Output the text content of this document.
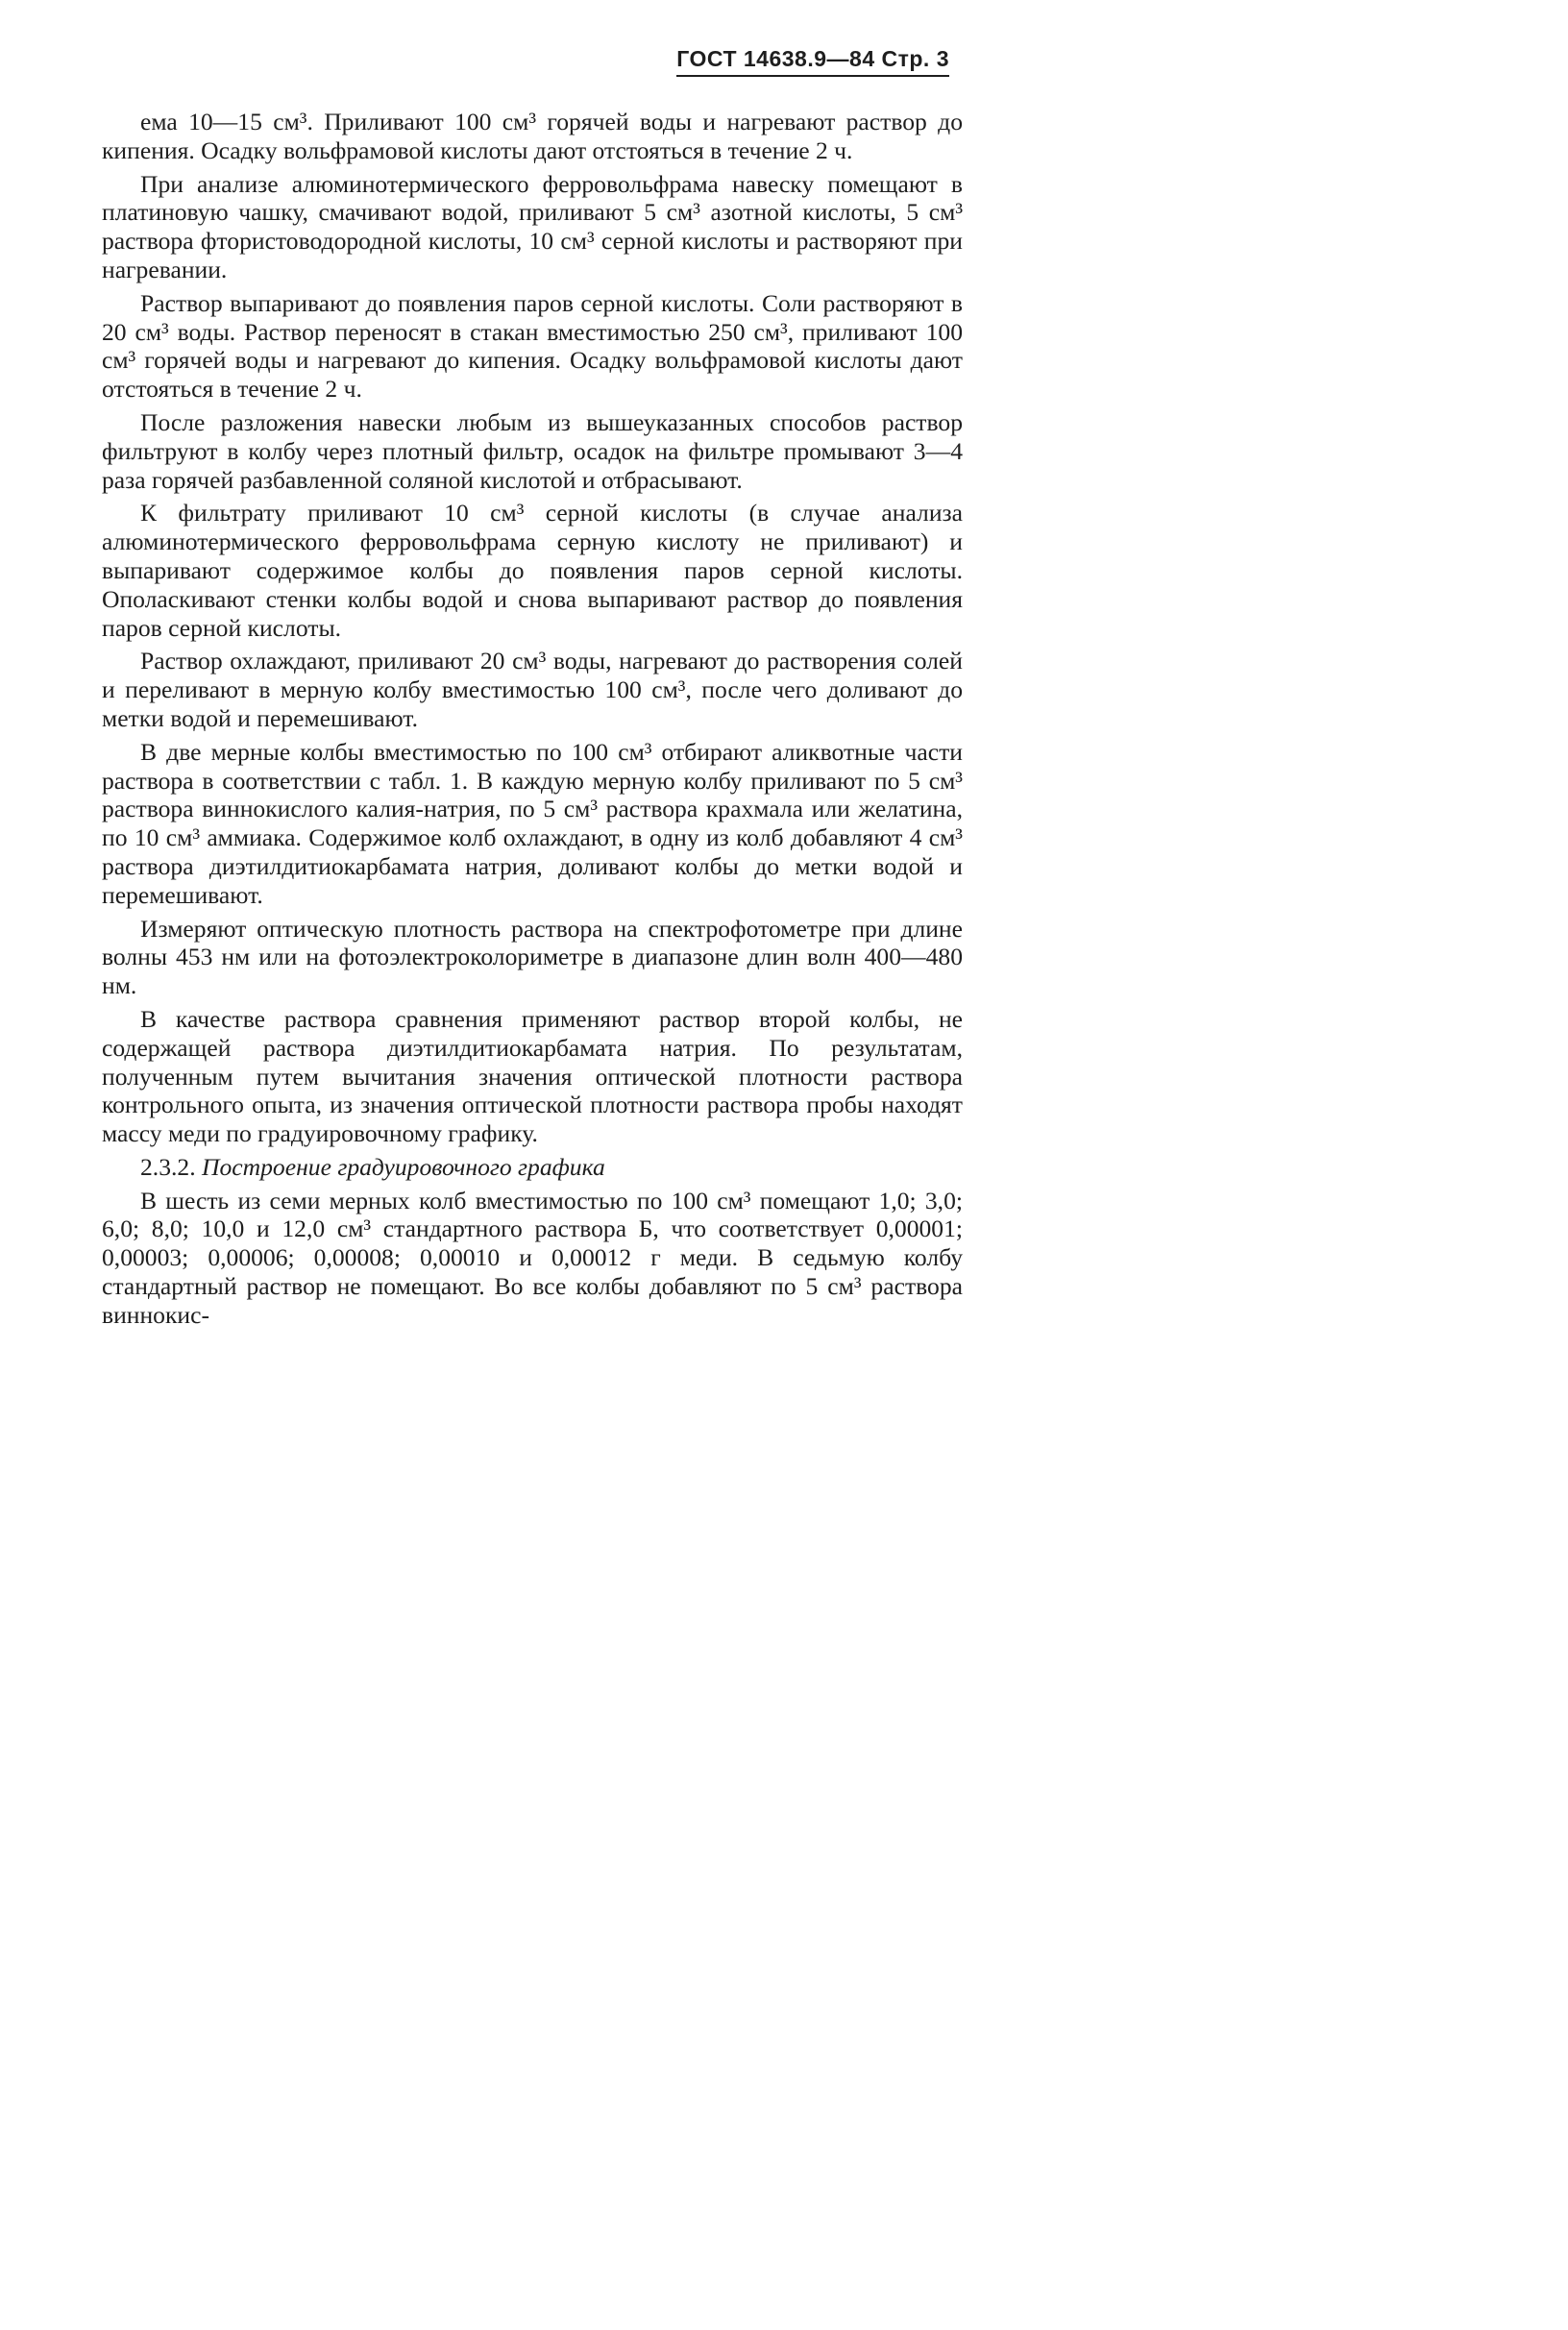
ГОСТ 14638.9—84 Стр. 3

ема 10—15 см³. Приливают 100 см³ горячей воды и нагревают раствор до кипения. Осадку вольфрамовой кислоты дают отстояться в течение 2 ч.

При анализе алюминотермического ферровольфрама навеску помещают в платиновую чашку, смачивают водой, приливают 5 см³ азотной кислоты, 5 см³ раствора фтористоводородной кислоты, 10 см³ серной кислоты и растворяют при нагревании.

Раствор выпаривают до появления паров серной кислоты. Соли растворяют в 20 см³ воды. Раствор переносят в стакан вместимостью 250 см³, приливают 100 см³ горячей воды и нагревают до кипения. Осадку вольфрамовой кислоты дают отстояться в течение 2 ч.

После разложения навески любым из вышеуказанных способов раствор фильтруют в колбу через плотный фильтр, осадок на фильтре промывают 3—4 раза горячей разбавленной соляной кислотой и отбрасывают.

К фильтрату приливают 10 см³ серной кислоты (в случае анализа алюминотермического ферровольфрама серную кислоту не приливают) и выпаривают содержимое колбы до появления паров серной кислоты. Ополаскивают стенки колбы водой и снова выпаривают раствор до появления паров серной кислоты.

Раствор охлаждают, приливают 20 см³ воды, нагревают до растворения солей и переливают в мерную колбу вместимостью 100 см³, после чего доливают до метки водой и перемешивают.

В две мерные колбы вместимостью по 100 см³ отбирают аликвотные части раствора в соответствии с табл. 1. В каждую мерную колбу приливают по 5 см³ раствора виннокислого калия-натрия, по 5 см³ раствора крахмала или желатина, по 10 см³ аммиака. Содержимое колб охлаждают, в одну из колб добавляют 4 см³ раствора диэтилдитиокарбамата натрия, доливают колбы до метки водой и перемешивают.

Измеряют оптическую плотность раствора на спектрофотометре при длине волны 453 нм или на фотоэлектроколориметре в диапазоне длин волн 400—480 нм.

В качестве раствора сравнения применяют раствор второй колбы, не содержащей раствора диэтилдитиокарбамата натрия. По результатам, полученным путем вычитания значения оптической плотности раствора контрольного опыта, из значения оптической плотности раствора пробы находят массу меди по градуировочному графику.

2.3.2. Построение градуировочного графика

В шесть из семи мерных колб вместимостью по 100 см³ помещают 1,0; 3,0; 6,0; 8,0; 10,0 и 12,0 см³ стандартного раствора Б, что соответствует 0,00001; 0,00003; 0,00006; 0,00008; 0,00010 и 0,00012 г меди. В седьмую колбу стандартный раствор не помещают. Во все колбы добавляют по 5 см³ раствора виннокис-
